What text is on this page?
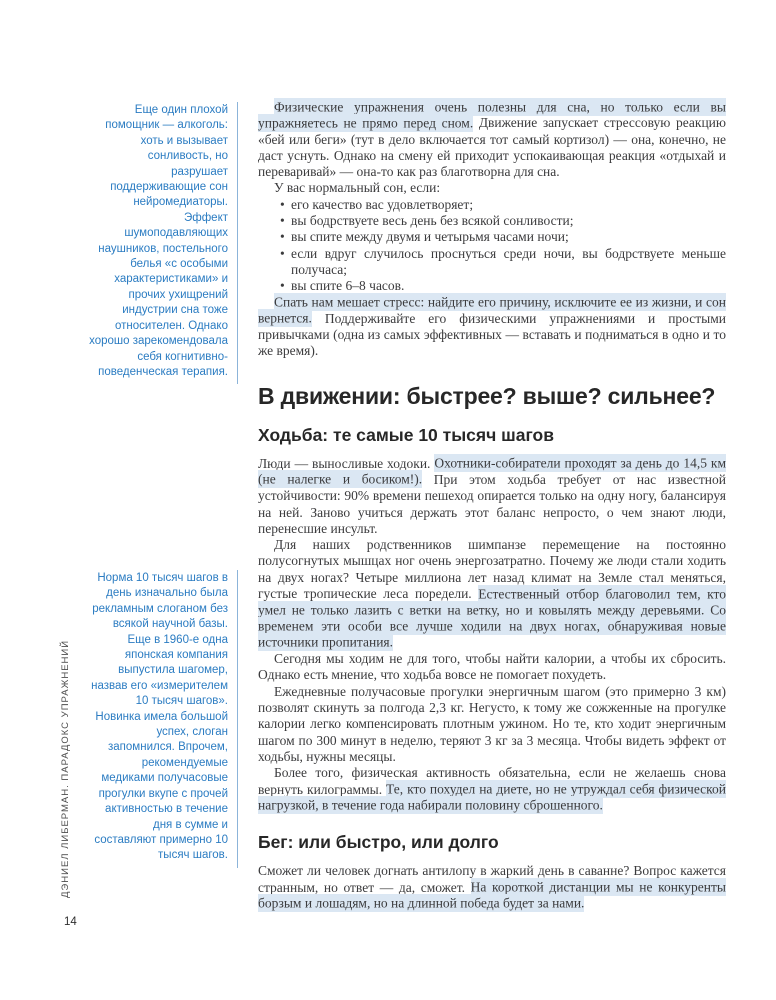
ДЭНИЕЛ ЛИБЕРМАН. ПАРАДОКС УПРАЖНЕНИЙ
14

Еще один плохой помощник — алкоголь: хоть и вызывает сонливость, но разрушает поддерживающие сон нейромедиаторы. Эффект шумоподавляющих наушников, постельного белья «с особыми характеристиками» и прочих ухищрений индустрии сна тоже относителен. Однако хорошо зарекомендовала себя когнитивно-поведенческая терапия.

Норма 10 тысяч шагов в день изначально была рекламным слоганом без всякой научной базы. Еще в 1960-е одна японская компания выпустила шагомер, назвав его «измерителем 10 тысяч шагов». Новинка имела большой успех, слоган запомнился. Впрочем, рекомендуемые медиками получасовые прогулки вкупе с прочей активностью в течение дня в сумме и составляют примерно 10 тысяч шагов.

Физические упражнения очень полезны для сна, но только если вы упражняетесь не прямо перед сном. Движение запускает стрессовую реакцию «бей или беги» (тут в дело включается тот самый кортизол) — она, конечно, не даст уснуть. Однако на смену ей приходит успокаивающая реакция «отдыхай и переваривай» — она-то как раз благотворна для сна.

У вас нормальный сон, если:

• его качество вас удовлетворяет;
• вы бодрствуете весь день без всякой сонливости;
• вы спите между двумя и четырьмя часами ночи;
• если вдруг случилось проснуться среди ночи, вы бодрствуете меньше получаса;
• вы спите 6–8 часов.

Спать нам мешает стресс: найдите его причину, исключите ее из жизни, и сон вернется. Поддерживайте его физическими упражнениями и простыми привычками (одна из самых эффективных — вставать и подниматься в одно и то же время).

В движении: быстрее? выше? сильнее?
Ходьба: те самые 10 тысяч шагов

Люди — выносливые ходоки. Охотники-собиратели проходят за день до 14,5 км (не налегке и босиком!). При этом ходьба требует от нас известной устойчивости: 90% времени пешеход опирается только на одну ногу, балансируя на ней. Заново учиться держать этот баланс непросто, о чем знают люди, перенесшие инсульт.

Для наших родственников шимпанзе перемещение на постоянно полусогнутых мышцах ног очень энергозатратно. Почему же люди стали ходить на двух ногах? Четыре миллиона лет назад климат на Земле стал меняться, густые тропические леса поредели. Естественный отбор благоволил тем, кто умел не только лазить с ветки на ветку, но и ковылять между деревьями. Со временем эти особи все лучше ходили на двух ногах, обнаруживая новые источники пропитания.

Сегодня мы ходим не для того, чтобы найти калории, а чтобы их сбросить. Однако есть мнение, что ходьба вовсе не помогает похудеть.

Ежедневные получасовые прогулки энергичным шагом (это примерно 3 км) позволят скинуть за полгода 2,3 кг. Негусто, к тому же сожженные на прогулке калории легко компенсировать плотным ужином. Но те, кто ходит энергичным шагом по 300 минут в неделю, теряют 3 кг за 3 месяца. Чтобы видеть эффект от ходьбы, нужны месяцы.

Более того, физическая активность обязательна, если не желаешь снова вернуть килограммы. Те, кто похудел на диете, но не утруждал себя физической нагрузкой, в течение года набирали половину сброшенного.

Бег: или быстро, или долго

Сможет ли человек догнать антилопу в жаркий день в саванне? Вопрос кажется странным, но ответ — да, сможет. На короткой дистанции мы не конкуренты борзым и лошадям, но на длинной победа будет за нами.
